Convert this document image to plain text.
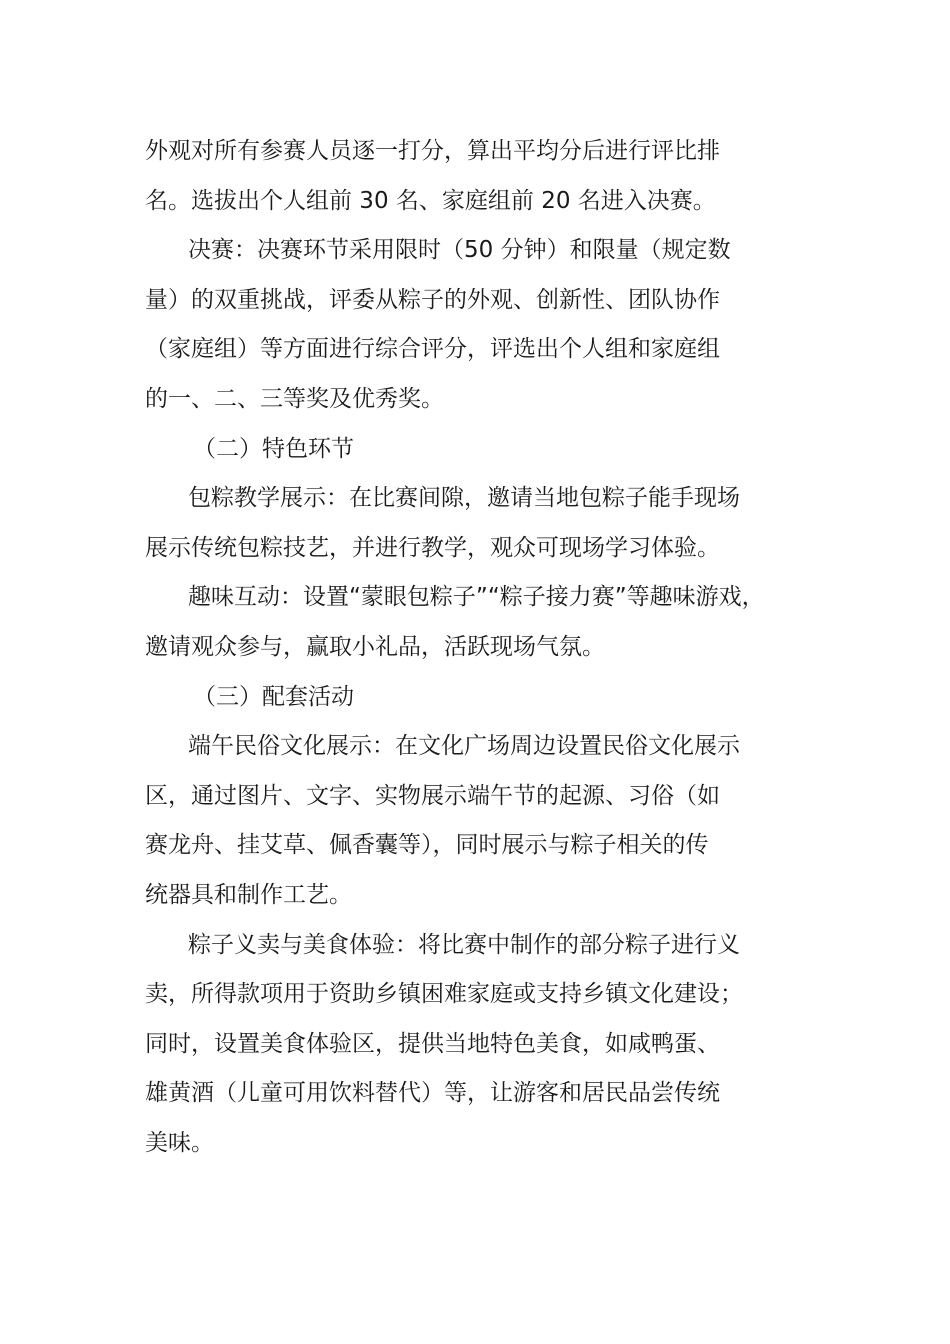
外观对所有参赛人员逐一打分，算出平均分后进行评比排
名。选拔出个人组前 30 名、家庭组前 20 名进入决赛。
决赛：决赛环节采用限时（50 分钟）和限量（规定数
量）的双重挑战，评委从粽子的外观、创新性、团队协作
（家庭组）等方面进行综合评分，评选出个人组和家庭组
的一、二、三等奖及优秀奖。
（二）特色环节
包粽教学展示：在比赛间隙，邀请当地包粽子能手现场
展示传统包粽技艺，并进行教学，观众可现场学习体验。
趣味互动：设置“蒙眼包粽子”“粽子接力赛”等趣味游戏，
邀请观众参与，赢取小礼品，活跃现场气氛。
（三）配套活动
端午民俗文化展示：在文化广场周边设置民俗文化展示
区，通过图片、文字、实物展示端午节的起源、习俗（如
赛龙舟、挂艾草、佩香囊等），同时展示与粽子相关的传
统器具和制作工艺。
粽子义卖与美食体验：将比赛中制作的部分粽子进行义
卖，所得款项用于资助乡镇困难家庭或支持乡镇文化建设；
同时，设置美食体验区，提供当地特色美食，如咸鸭蛋、
雄黄酒（儿童可用饮料替代）等，让游客和居民品尝传统
美味。
